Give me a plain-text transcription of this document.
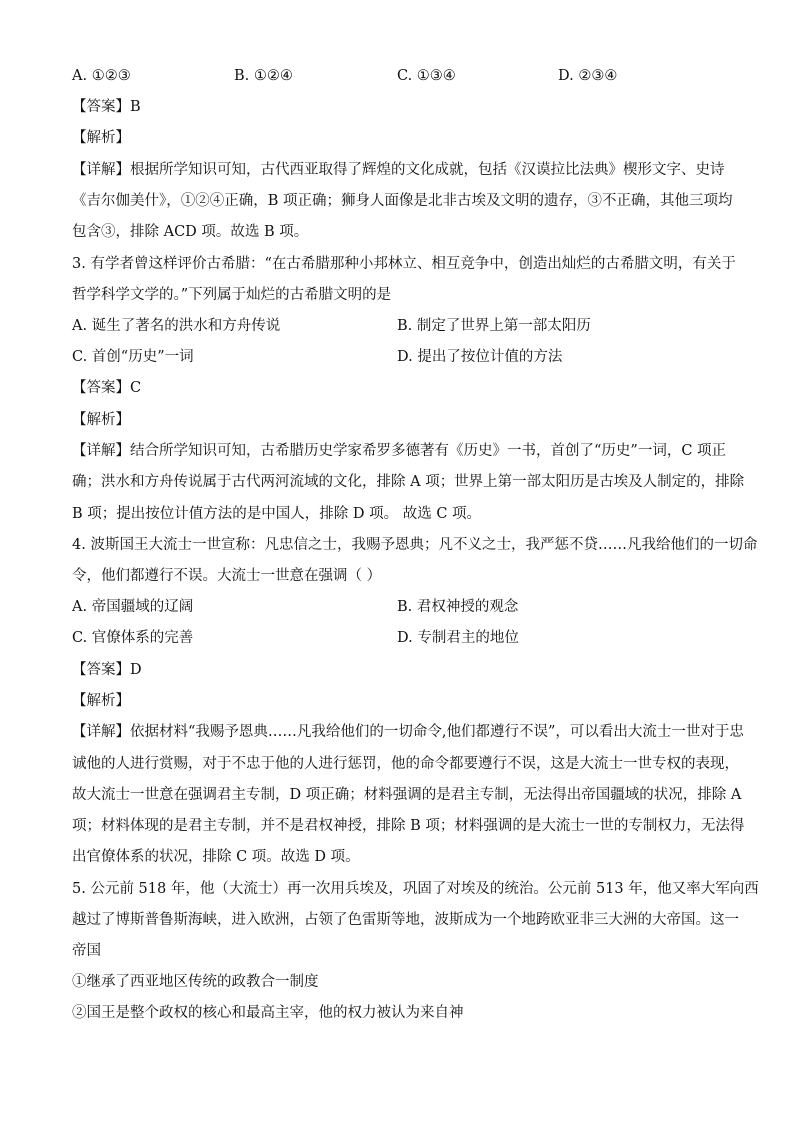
A. ①②③	B. ①②④	C. ①③④	D. ②③④
【答案】B
【解析】
【详解】根据所学知识可知，古代西亚取得了辉煌的文化成就，包括《汉谟拉比法典》楔形文字、史诗
《吉尔伽美什》，①②④正确，B 项正确；狮身人面像是北非古埃及文明的遗存，③不正确，其他三项均
包含③，排除 ACD 项。故选 B 项。
3. 有学者曾这样评价古希腊：“在古希腊那种小邦林立、相互竞争中，创造出灿烂的古希腊文明，有关于
哲学科学文学的。”下列属于灿烂的古希腊文明的是
A. 诞生了著名的洪水和方舟传说	B. 制定了世界上第一部太阳历
C. 首创“历史”一词	D. 提出了按位计值的方法
【答案】C
【解析】
【详解】结合所学知识可知，古希腊历史学家希罗多德著有《历史》一书，首创了“历史”一词，C 项正
确；洪水和方舟传说属于古代两河流域的文化，排除 A 项；世界上第一部太阳历是古埃及人制定的，排除
B 项；提出按位计值方法的是中国人，排除 D 项。 故选 C 项。
4. 波斯国王大流士一世宣称：凡忠信之士，我赐予恩典；凡不义之士，我严惩不贷……凡我给他们的一切命
令，他们都遵行不误。大流士一世意在强调（ ）
A. 帝国疆域的辽阔	B. 君权神授的观念
C. 官僚体系的完善	D. 专制君主的地位
【答案】D
【解析】
【详解】依据材料“我赐予恩典……凡我给他们的一切命令,他们都遵行不误”，可以看出大流士一世对于忠
诚他的人进行赏赐，对于不忠于他的人进行惩罚，他的命令都要遵行不误，这是大流士一世专权的表现，
故大流士一世意在强调君主专制，D 项正确；材料强调的是君主专制，无法得出帝国疆域的状况，排除 A
项；材料体现的是君主专制，并不是君权神授，排除 B 项；材料强调的是大流士一世的专制权力，无法得
出官僚体系的状况，排除 C 项。故选 D 项。
5. 公元前 518 年，他（大流士）再一次用兵埃及，巩固了对埃及的统治。公元前 513 年，他又率大军向西
越过了博斯普鲁斯海峡，进入欧洲，占领了色雷斯等地，波斯成为一个地跨欧亚非三大洲的大帝国。这一
帝国
①继承了西亚地区传统的政教合一制度
②国王是整个政权的核心和最高主宰，他的权力被认为来自神
